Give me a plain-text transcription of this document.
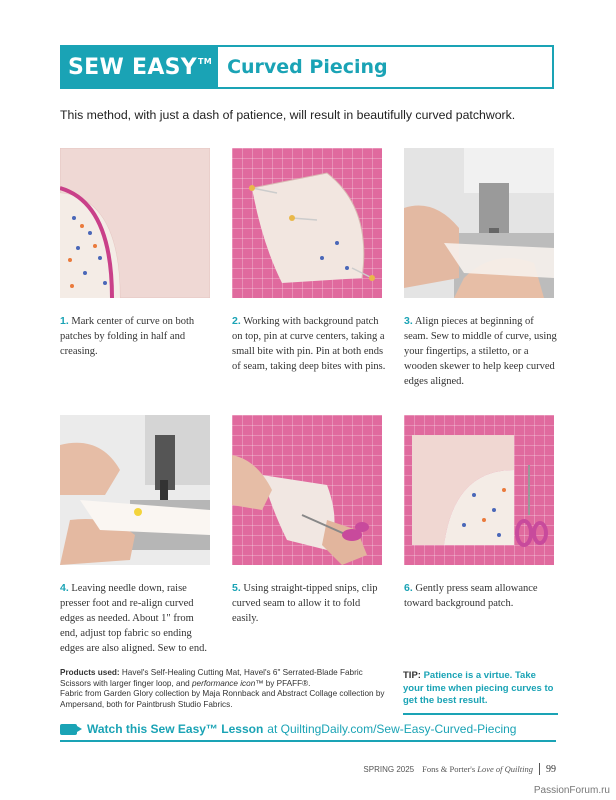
SEW EASY™ Curved Piecing
This method, with just a dash of patience, will result in beautifully curved patchwork.
1. Mark center of curve on both patches by folding in half and creasing.
2. Working with background patch on top, pin at curve centers, taking a small bite with pin. Pin at both ends of seam, taking deep bites with pins.
3. Align pieces at beginning of seam. Sew to middle of curve, using your fingertips, a stiletto, or a wooden skewer to help keep curved edges aligned.
4. Leaving needle down, raise presser foot and re-align curved edges as needed. About 1" from end, adjust top fabric so ending edges are also aligned. Sew to end.
5. Using straight-tipped snips, clip curved seam to allow it to fold easily.
6. Gently press seam allowance toward background patch.
Products used: Havel's Self-Healing Cutting Mat, Havel's 6" Serrated-Blade Fabric Scissors with larger finger loop, and performance icon™ by PFAFF®.
Fabric from Garden Glory collection by Maja Ronnback and Abstract Collage collection by Ampersand, both for Paintbrush Studio Fabrics.
TIP: Patience is a virtue. Take your time when piecing curves to get the best result.
Watch this Sew Easy™ Lesson at QuiltingDaily.com/Sew-Easy-Curved-Piecing
SPRING 2025 Fons & Porter's Love of Quilting 99
PassionForum.ru
